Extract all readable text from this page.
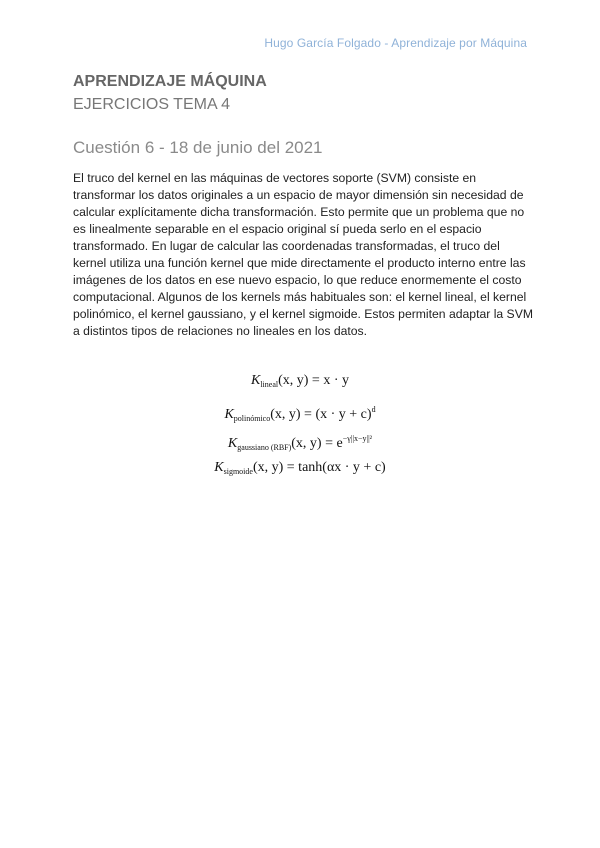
Hugo García Folgado - Aprendizaje por Máquina
APRENDIZAJE MÁQUINA
EJERCICIOS TEMA 4
Cuestión 6 - 18 de junio del 2021

El truco del kernel en las máquinas de vectores soporte (SVM) consiste en transformar los datos originales a un espacio de mayor dimensión sin necesidad de calcular explícitamente dicha transformación. Esto permite que un problema que no es linealmente separable en el espacio original sí pueda serlo en el espacio transformado. En lugar de calcular las coordenadas transformadas, el truco del kernel utiliza una función kernel que mide directamente el producto interno entre las imágenes de los datos en ese nuevo espacio, lo que reduce enormemente el costo computacional. Algunos de los kernels más habituales son: el kernel lineal, el kernel polinómico, el kernel gaussiano, y el kernel sigmoide. Estos permiten adaptar la SVM a distintos tipos de relaciones no lineales en los datos.

$K_{lineal}(x$, y) = x · y
$K_{polinómico}(x$, $y) = (x \cdot y + c)^d$
$K_{gaussiano (RBF)}(x$, $y) = e^{-\gamma||x-y||^2}$
$K_{sigmoide}(x$, y) = tanh(αx · y + c)
